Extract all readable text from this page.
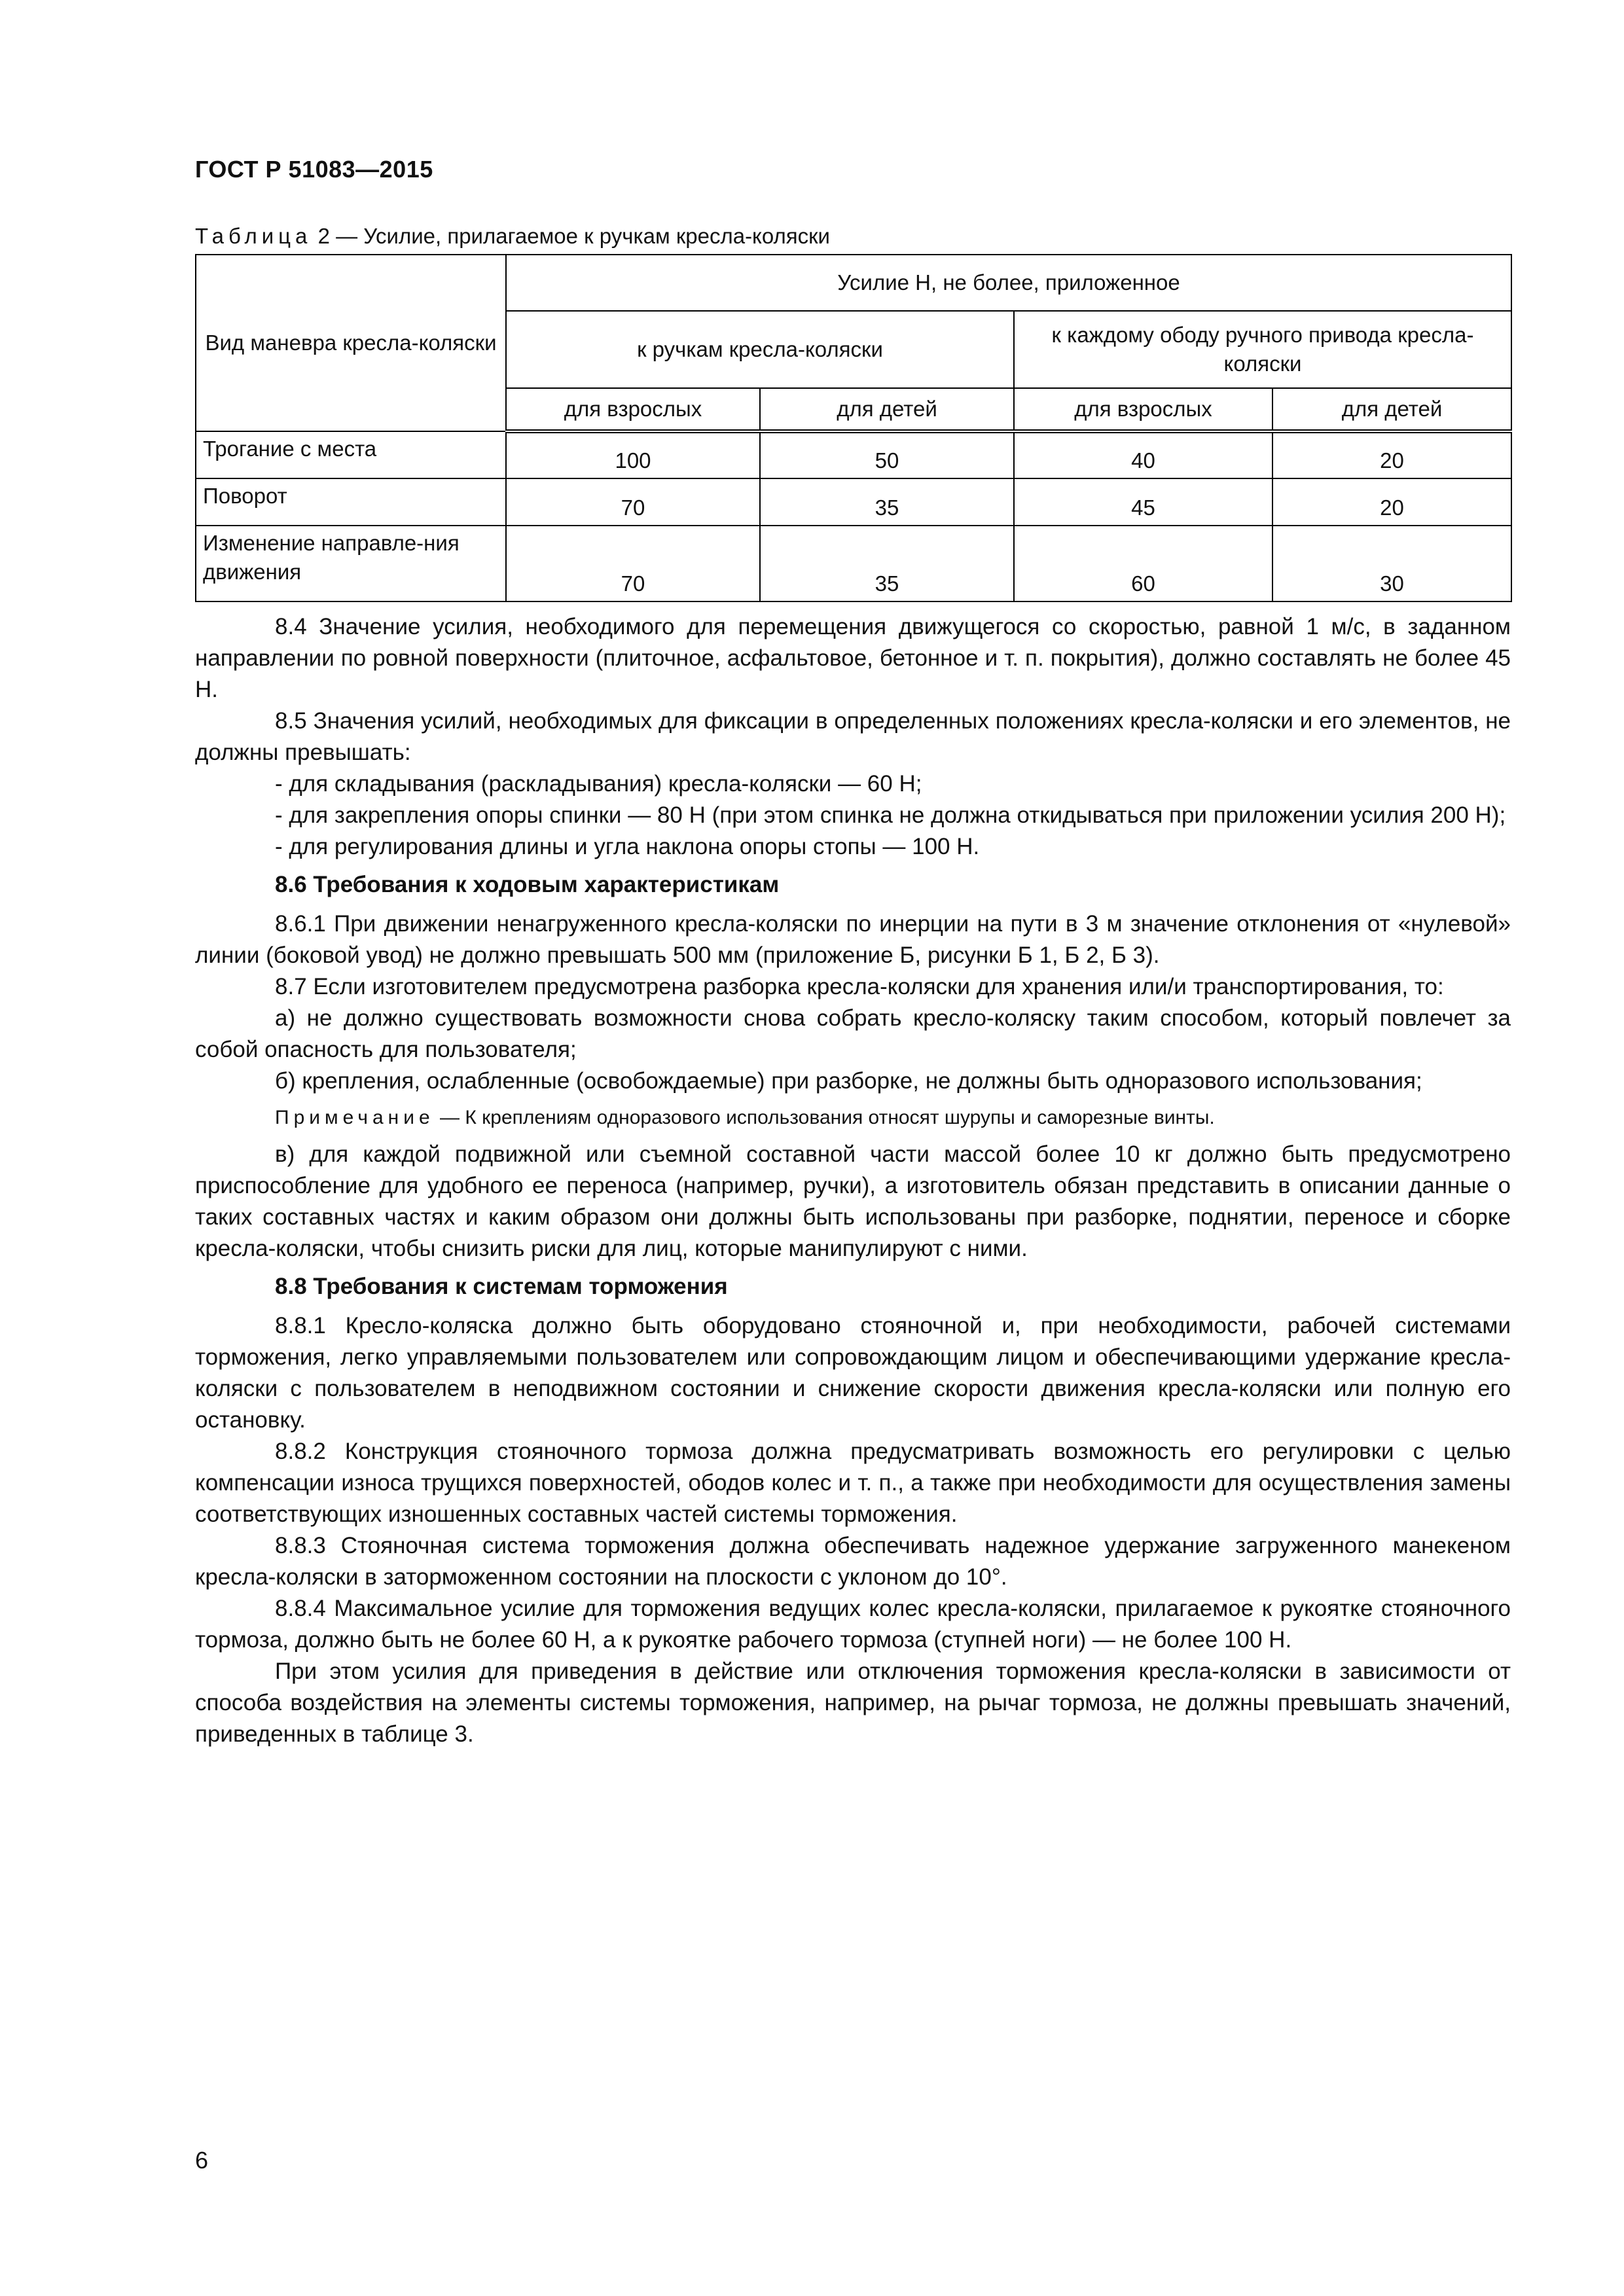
ГОСТ Р 51083—2015
Таблица 2 — Усилие, прилагаемое к ручкам кресла-коляски
Вид маневра кресла-коляски	Усилие Н, не более, приложенное			
	к ручкам кресла-коляски		к каждому ободу ручного привода кресла-коляски	
	для взрослых	для детей	для взрослых	для детей
Трогание с места	100	50	40	20
Поворот	70	35	45	20
Изменение направле-ния движения	70	35	60	30

8.4 Значение усилия, необходимого для перемещения движущегося со скоростью, равной 1 м/с, в заданном направлении по ровной поверхности (плиточное, асфальтовое, бетонное и т. п. покрытия), должно составлять не более 45 Н.

8.5 Значения усилий, необходимых для фиксации в определенных положениях кресла-коляски и его элементов, не должны превышать:

- для складывания (раскладывания) кресла-коляски — 60 Н;

- для закрепления опоры спинки — 80 Н (при этом спинка не должна откидываться при приложении усилия 200 Н);

- для регулирования длины и угла наклона опоры стопы — 100 Н.

8.6 Требования к ходовым характеристикам

8.6.1 При движении ненагруженного кресла-коляски по инерции на пути в 3 м значение отклонения от «нулевой» линии (боковой увод) не должно превышать 500 мм (приложение Б, рисунки Б 1, Б 2, Б 3).

8.7 Если изготовителем предусмотрена разборка кресла-коляски для хранения или/и транспортирования, то:

а) не должно существовать возможности снова собрать кресло-коляску таким способом, который повлечет за собой опасность для пользователя;

б) крепления, ослабленные (освобождаемые) при разборке, не должны быть одноразового использования;

Примечание — К креплениям одноразового использования относят шурупы и саморезные винты.

в) для каждой подвижной или съемной составной части массой более 10 кг должно быть предусмотрено приспособление для удобного ее переноса (например, ручки), а изготовитель обязан представить в описании данные о таких составных частях и каким образом они должны быть использованы при разборке, поднятии, переносе и сборке кресла-коляски, чтобы снизить риски для лиц, которые манипулируют с ними.

8.8 Требования к системам торможения

8.8.1 Кресло-коляска должно быть оборудовано стояночной и, при необходимости, рабочей системами торможения, легко управляемыми пользователем или сопровождающим лицом и обеспечивающими удержание кресла-коляски с пользователем в неподвижном состоянии и снижение скорости движения кресла-коляски или полную его остановку.

8.8.2 Конструкция стояночного тормоза должна предусматривать возможность его регулировки с целью компенсации износа трущихся поверхностей, ободов колес и т. п., а также при необходимости для осуществления замены соответствующих изношенных составных частей системы торможения.

8.8.3 Стояночная система торможения должна обеспечивать надежное удержание загруженного манекеном кресла-коляски в заторможенном состоянии на плоскости с уклоном до 10°.

8.8.4 Максимальное усилие для торможения ведущих колес кресла-коляски, прилагаемое к рукоятке стояночного тормоза, должно быть не более 60 Н, а к рукоятке рабочего тормоза (ступней ноги) — не более 100 Н.

При этом усилия для приведения в действие или отключения торможения кресла-коляски в зависимости от способа воздействия на элементы системы торможения, например, на рычаг тормоза, не должны превышать значений, приведенных в таблице 3.

6
